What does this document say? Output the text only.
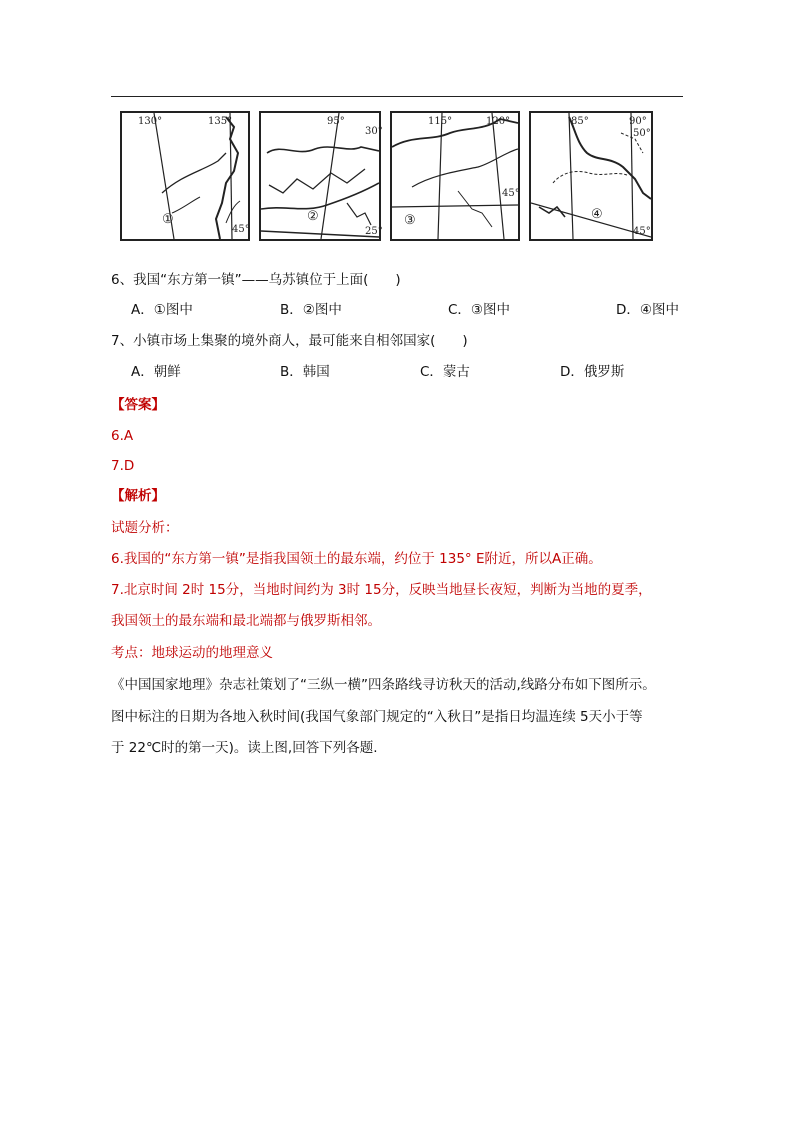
130°	135°
45°
①
95°
30°
25°
②
115°	120°
45°
③
85°	90°
50°
45°
④
6、我国“东方第一镇”——乌苏镇位于上面(　　)
A．①图中	B．②图中	C．③图中	D．④图中
7、小镇市场上集聚的境外商人，最可能来自相邻国家(　　)
A．朝鲜	B．韩国	C．蒙古	D．俄罗斯
【答案】
6.A
7.D
【解析】
试题分析：
6.我国的“东方第一镇”是指我国领土的最东端，约位于 135° E附近，所以A正确。
7.北京时间 2时 15分，当地时间约为 3时 15分，反映当地昼长夜短，判断为当地的夏季，
我国领土的最东端和最北端都与俄罗斯相邻。
考点：地球运动的地理意义
《中国国家地理》杂志社策划了“三纵一横”四条路线寻访秋天的活动,线路分布如下图所示。
图中标注的日期为各地入秋时间(我国气象部门规定的“入秋日”是指日均温连续 5天小于等
于 22℃时的第一天)。读上图,回答下列各题.
